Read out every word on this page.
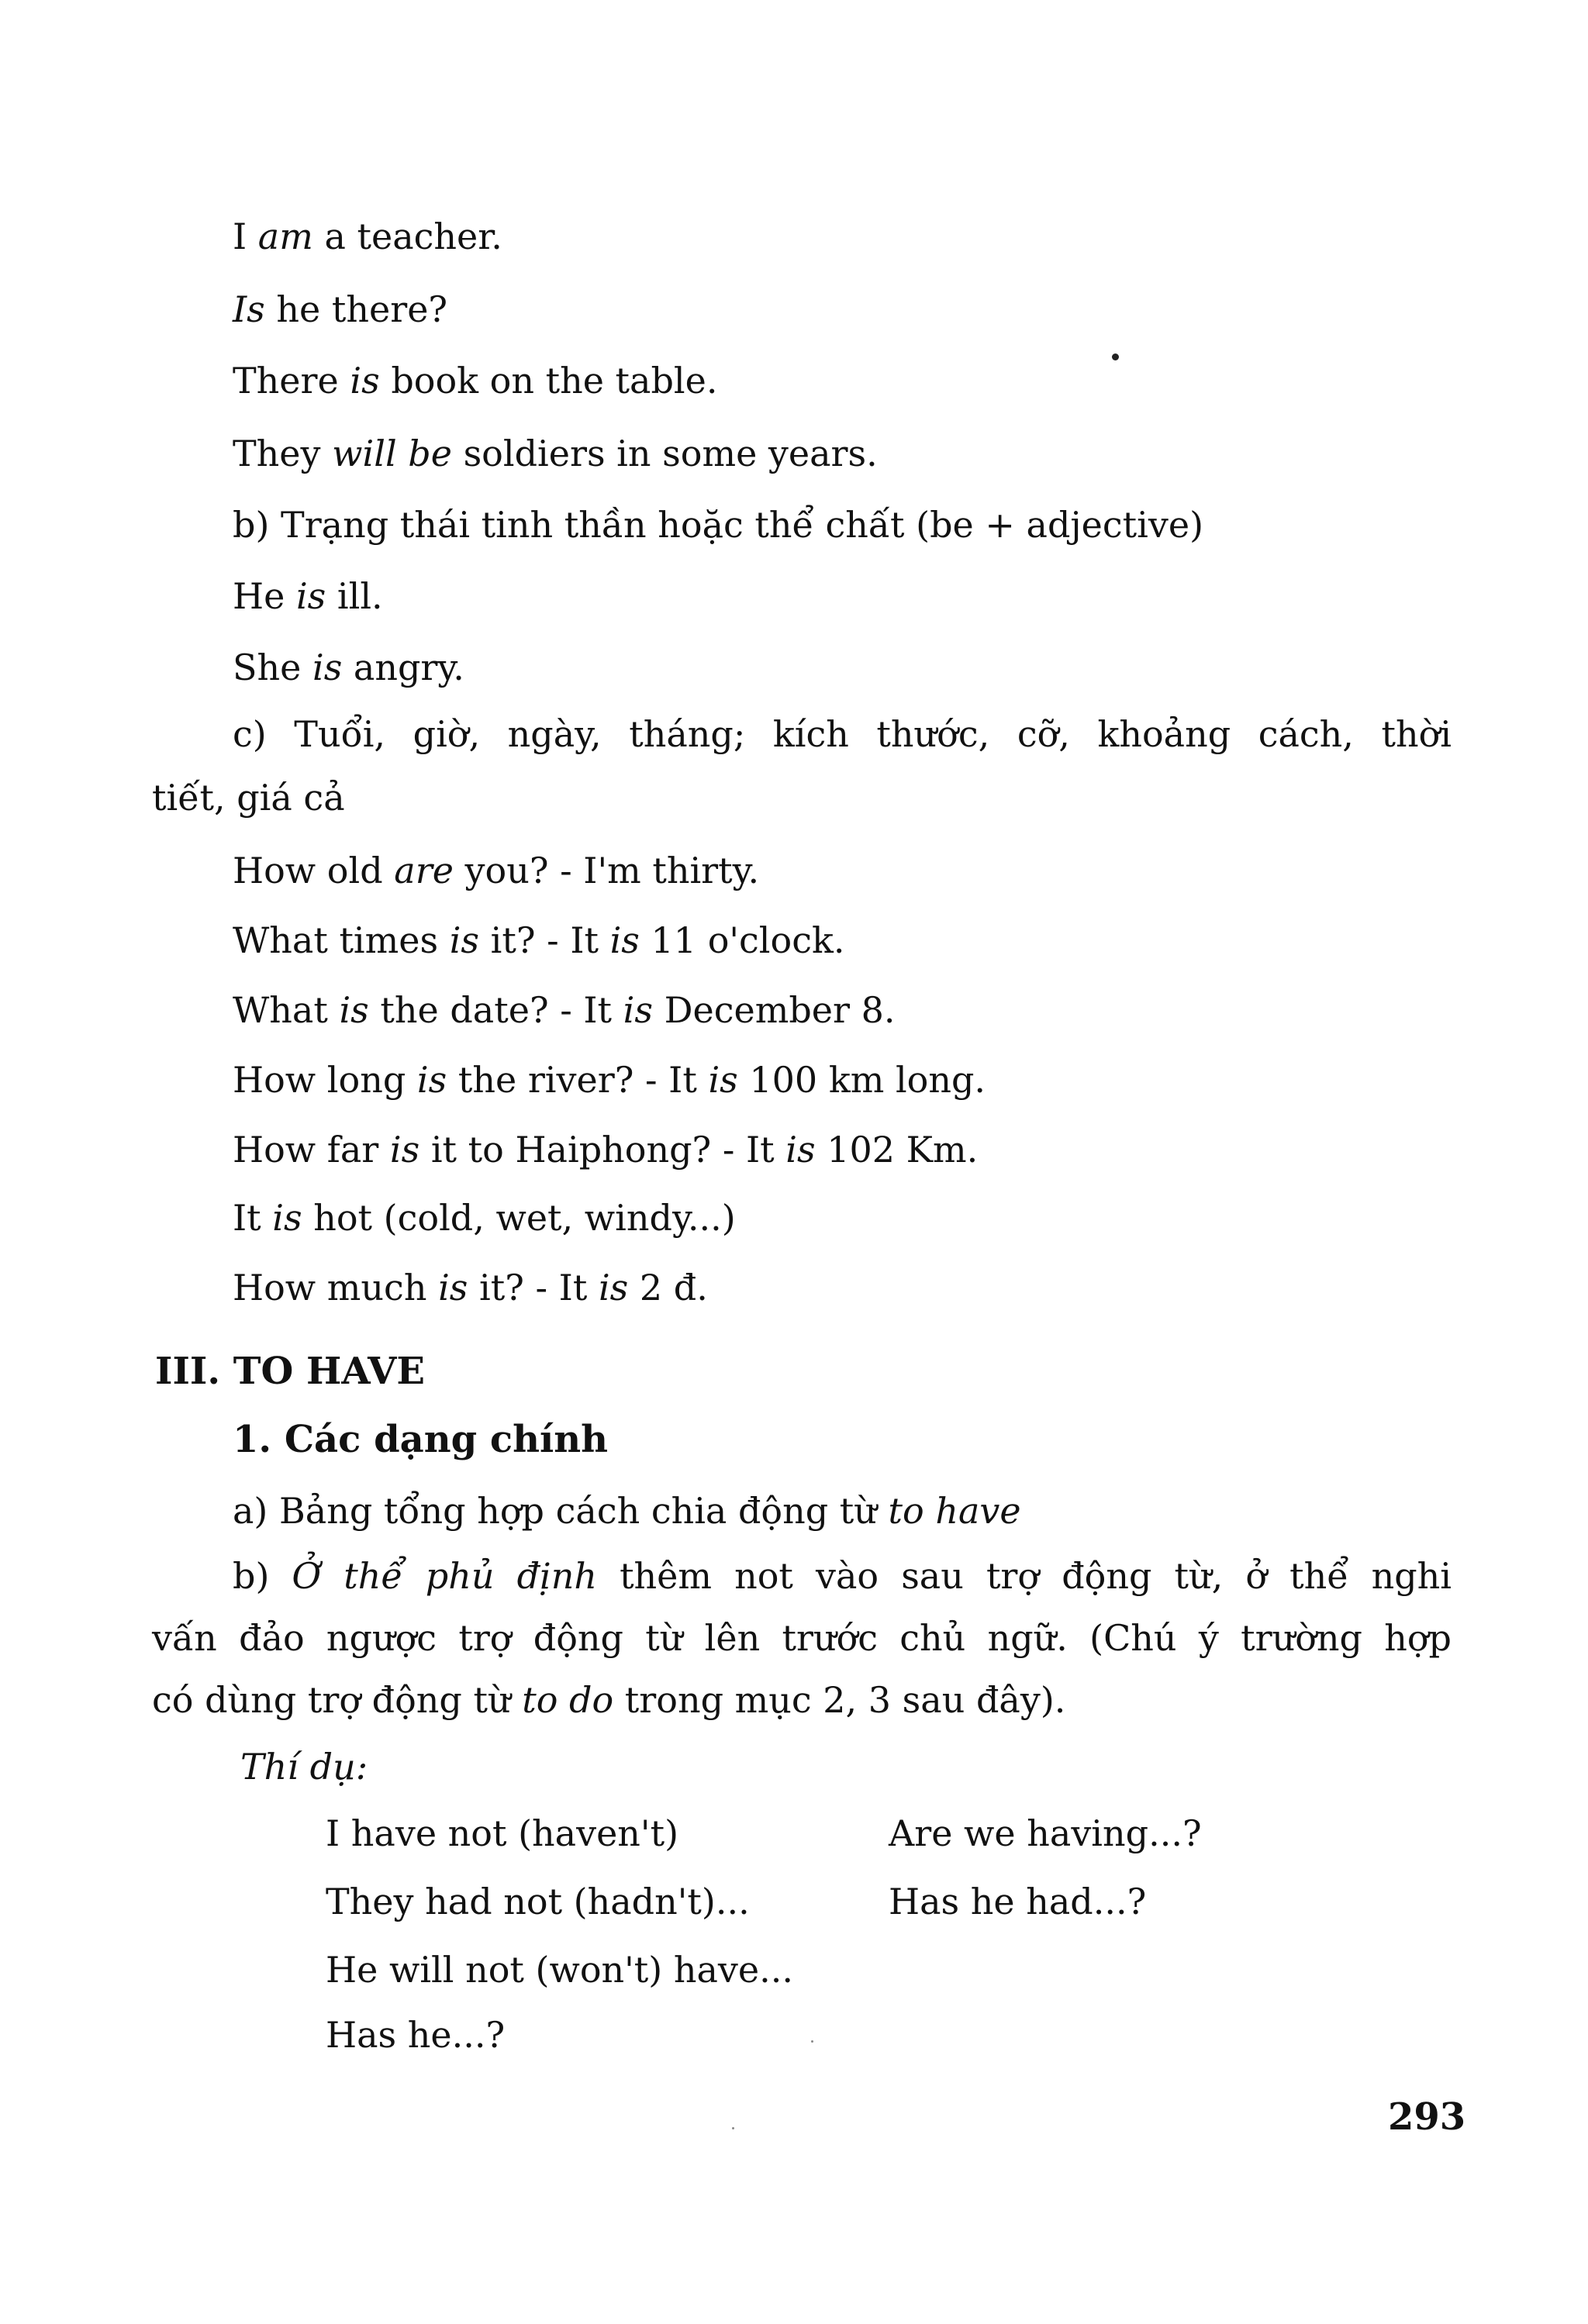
I am a teacher.

Is he there?

There is book on the table.

They will be soldiers in some years.

b) Trạng thái tinh thần hoặc thể chất (be + adjective)

He is ill.

She is angry.

c) Tuổi, giờ, ngày, tháng; kích thước, cỡ, khoảng cách, thời

tiết, giá cả

How old are you? - I'm thirty.

What times is it? - It is 11 o'clock.

What is the date? - It is December 8.

How long is the river? - It is 100 km long.

How far is it to Haiphong? - It is 102 Km.

It is hot (cold, wet, windy...)

How much is it? - It is 2 đ.

III. TO HAVE

1. Các dạng chính

a) Bảng tổng hợp cách chia động từ to have

b) Ở thể phủ định thêm not vào sau trợ động từ, ở thể nghi

vấn đảo ngược trợ động từ lên trước chủ ngữ. (Chú ý trường hợp

có dùng trợ động từ to do trong mục 2, 3 sau đây).

Thí dụ:

I have not (haven't)	Are we having...?

They had not (hadn't)...	Has he had...?

He will not (won't) have...

Has he...?

293
